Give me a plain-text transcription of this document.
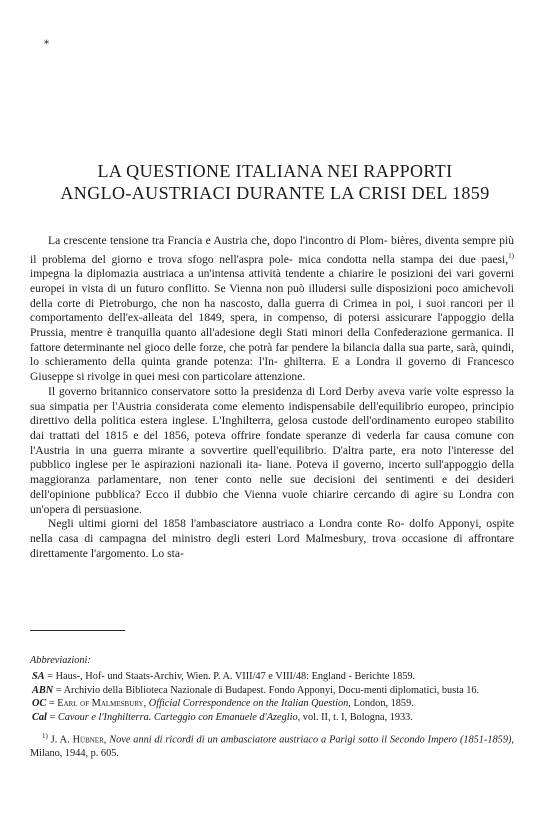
*
LA QUESTIONE ITALIANA NEI RAPPORTI
ANGLO-AUSTRIACI DURANTE LA CRISI DEL 1859

La crescente tensione tra Francia e Austria che, dopo l'incontro di Plom- bières, diventa sempre più il problema del giorno e trova sfogo nell'aspra pole- mica condotta nella stampa dei due paesi,$^{1)}$ impegna la diplomazia austriaca a un'intensa attività tendente a chiarire le posizioni dei vari governi europei in vista di un futuro conflitto. Se Vienna non può illudersi sulle disposizioni poco amichevoli della corte di Pietroburgo, che non ha nascosto, dalla guerra di Crimea in poi, i suoi rancori per il comportamento dell'ex-alleata del 1849, spera, in compenso, di potersi assicurare l'appoggio della Prussia, mentre è tranquilla quanto all'adesione degli Stati minori della Confederazione germanica. Il fattore determinante nel gioco delle forze, che potrà far pendere la bilancia dalla sua parte, sarà, quindi, lo schieramento della quinta grande potenza: l'In- ghilterra. E a Londra il governo di Francesco Giuseppe si rivolge in quei mesi con particolare attenzione.

Il governo britannico conservatore sotto la presidenza di Lord Derby aveva varie volte espresso la sua simpatia per l'Austria considerata come elemento indispensabile dell'equilibrio europeo, principio direttivo della politica estera inglese. L'Inghilterra, gelosa custode dell'ordinamento europeo stabilito dai trattati del 1815 e del 1856, poteva offrire fondate speranze di vederla far causa comune con l'Austria in una guerra mirante a sovvertire quell'equilibrio. D'altra parte, era noto l'interesse del pubblico inglese per le aspirazioni nazionali ita- liane. Poteva il governo, incerto sull'appoggio della maggioranza parlamentare, non tener conto nelle sue decisioni dei sentimenti e dei desideri dell'opinione pubblica? Ecco il dubbio che Vienna vuole chiarire cercando di agire su Londra con un'opera di persuasione.

Negli ultimi giorni del 1858 l'ambasciatore austriaco a Londra conte Ro- dolfo Apponyi, ospite nella casa di campagna del ministro degli esteri Lord Malmesbury, trova occasione di affrontare direttamente l'argomento. Lo sta-

Abbreviazioni:

SA = Haus-, Hof- und Staats-Archiv, Wien. P. A. VIII/47 e VIII/48: England - Berichte 1859.

ABN = Archivio della Biblioteca Nazionale di Budapest. Fondo Apponyi, Docu-menti diplomatici, busta 16.

OC = Earl of Malmesbury, Official Correspondence on the Italian Question, London, 1859.

Cal = Cavour e l'Inghilterra. Carteggio con Emanuele d'Azeglio, vol. II, t. I, Bologna, 1933.

$^{1)}$ J. A. Hübner, Nove anni di ricordi di un ambasciatore austriaco a Parigi sotto il Secondo Impero (1851-1859), Milano, 1944, p. 605.
